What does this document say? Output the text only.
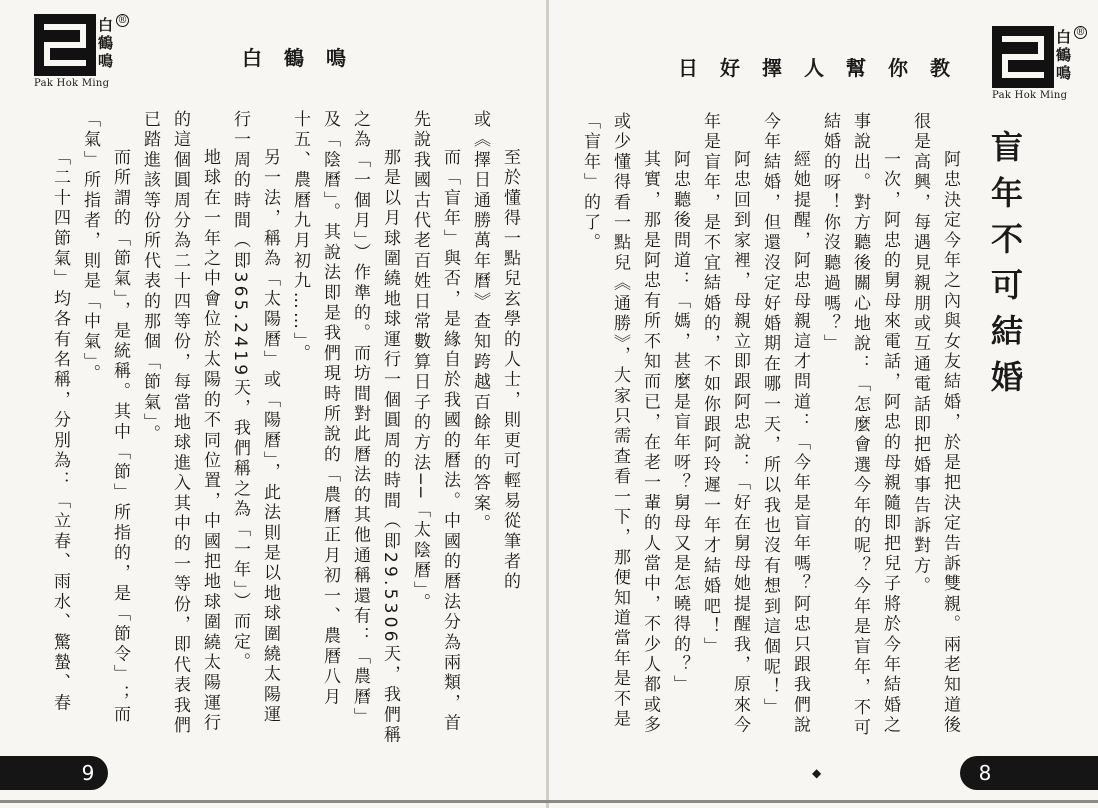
白鶴鳴
®
Pak Hok Ming
白鶴鳴
至於懂得一點兒玄學的人士，則更可輕易從筆者的
或《擇日通勝萬年曆》查知跨越百餘年的答案。
而「盲年」與否，是緣自於我國的曆法。中國的曆法分為兩類，首
先說我國古代老百姓日常數算日子的方法──「太陰曆」。
那是以月球圍繞地球運行一個圓周的時間（即29.5306天，我們稱
之為「一個月」）作準的。而坊間對此曆法的其他通稱還有：「農曆」
及「陰曆」。其說法即是我們現時所說的「農曆正月初一、農曆八月
十五、農曆九月初九……」。
另一法，稱為「太陽曆」或「陽曆」，此法則是以地球圍繞太陽運
行一周的時間（即365.2419天，我們稱之為「一年」）而定。
地球在一年之中會位於太陽的不同位置，中國把地球圍繞太陽運行
的這個圓周分為二十四等份，每當地球進入其中的一等份，即代表我們
已踏進該等份所代表的那個「節氣」。
而所謂的「節氣」，是統稱。其中「節」所指的，是「節令」；而
「氣」所指者，則是「中氣」。
「二十四節氣」均各有名稱，分別為：「立春、雨水、驚蟄、春
9
日好擇人幫你教
白鶴鳴
®
Pak Hok Ming
盲年不可結婚
阿忠決定今年之內與女友結婚，於是把決定告訴雙親。兩老知道後
很是高興，每遇見親朋或互通電話即把婚事告訴對方。
一次，阿忠的舅母來電話，阿忠的母親隨即把兒子將於今年結婚之
事說出。對方聽後關心地說：「怎麼會選今年的呢？今年是盲年，不可
結婚的呀！你沒聽過嗎？」
經她提醒，阿忠母親這才問道：「今年是盲年嗎？阿忠只跟我們說
今年結婚，但還沒定好婚期在哪一天，所以我也沒有想到這個呢！」
阿忠回到家裡，母親立即跟阿忠說：「好在舅母她提醒我，原來今
年是盲年，是不宜結婚的，不如你跟阿玲遲一年才結婚吧！」
阿忠聽後問道：「媽，甚麼是盲年呀？舅母又是怎曉得的？」
其實，那是阿忠有所不知而已，在老一輩的人當中，不少人都或多
或少懂得看一點兒《通勝》，大家只需查看一下，那便知道當年是不是
「盲年」的了。
◆	8
